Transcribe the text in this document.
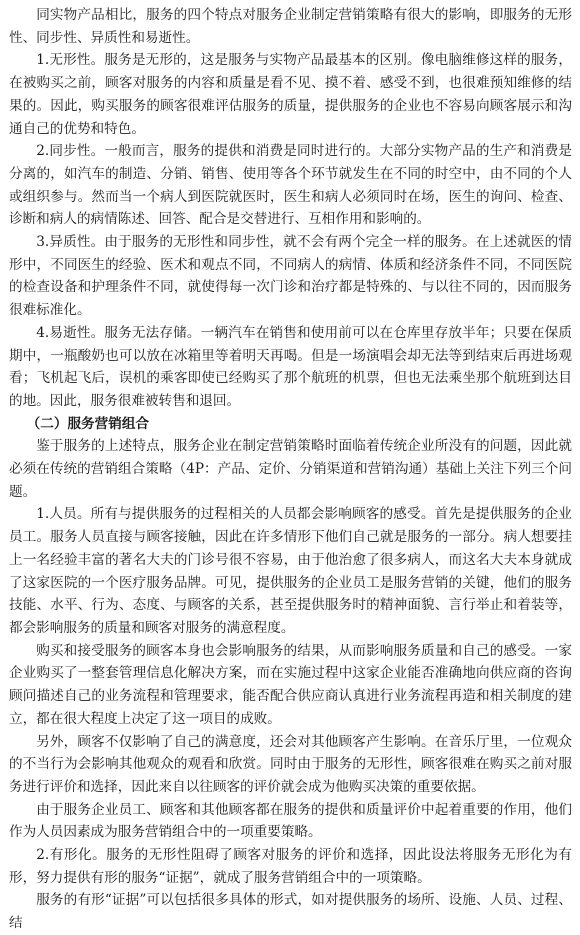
同实物产品相比，服务的四个特点对服务企业制定营销策略有很大的影响，即服务的无形性、同步性、异质性和易逝性。

1.无形性。服务是无形的，这是服务与实物产品最基本的区别。像电脑维修这样的服务，在被购买之前，顾客对服务的内容和质量是看不见、摸不着、感受不到，也很难预知维修的结果的。因此，购买服务的顾客很难评估服务的质量，提供服务的企业也不容易向顾客展示和沟通自己的优势和特色。

2.同步性。一般而言，服务的提供和消费是同时进行的。大部分实物产品的生产和消费是分离的，如汽车的制造、分销、销售、使用等各个环节就发生在不同的时空中，由不同的个人或组织参与。然而当一个病人到医院就医时，医生和病人必须同时在场，医生的询问、检查、诊断和病人的病情陈述、回答、配合是交替进行、互相作用和影响的。

3.异质性。由于服务的无形性和同步性，就不会有两个完全一样的服务。在上述就医的情形中，不同医生的经验、医术和观点不同，不同病人的病情、体质和经济条件不同，不同医院的检查设备和护理条件不同，就使得每一次门诊和治疗都是特殊的、与以往不同的，因而服务很难标准化。

4.易逝性。服务无法存储。一辆汽车在销售和使用前可以在仓库里存放半年；只要在保质期中，一瓶酸奶也可以放在冰箱里等着明天再喝。但是一场演唱会却无法等到结束后再进场观看；飞机起飞后，误机的乘客即使已经购买了那个航班的机票，但也无法乘坐那个航班到达目的地。因此，服务很难被转售和退回。

（二）服务营销组合

鉴于服务的上述特点，服务企业在制定营销策略时面临着传统企业所没有的问题，因此就必须在传统的营销组合策略（4P：产品、定价、分销渠道和营销沟通）基础上关注下列三个问题。

1.人员。所有与提供服务的过程相关的人员都会影响顾客的感受。首先是提供服务的企业员工。服务人员直接与顾客接触，因此在许多情形下他们自己就是服务的一部分。病人想要挂上一名经验丰富的著名大夫的门诊号很不容易，由于他治愈了很多病人，而这名大夫本身就成了这家医院的一个医疗服务品牌。可见，提供服务的企业员工是服务营销的关键，他们的服务技能、水平、行为、态度、与顾客的关系，甚至提供服务时的精神面貌、言行举止和着装等，都会影响服务的质量和顾客对服务的满意程度。

购买和接受服务的顾客本身也会影响服务的结果，从而影响服务质量和自己的感受。一家企业购买了一整套管理信息化解决方案，而在实施过程中这家企业能否准确地向供应商的咨询顾问描述自己的业务流程和管理要求，能否配合供应商认真进行业务流程再造和相关制度的建立，都在很大程度上决定了这一项目的成败。

另外，顾客不仅影响了自己的满意度，还会对其他顾客产生影响。在音乐厅里，一位观众的不当行为会影响其他观众的观看和欣赏。同时由于服务的无形性，顾客很难在购买之前对服务进行评价和选择，因此来自以往顾客的评价就会成为他购买决策的重要依据。

由于服务企业员工、顾客和其他顾客都在服务的提供和质量评价中起着重要的作用，他们作为人员因素成为服务营销组合中的一项重要策略。

2.有形化。服务的无形性阻碍了顾客对服务的评价和选择，因此设法将服务无形化为有形，努力提供有形的服务“证据”，就成了服务营销组合中的一项策略。

服务的有形“证据”可以包括很多具体的形式，如对提供服务的场所、设施、人员、过程、结
